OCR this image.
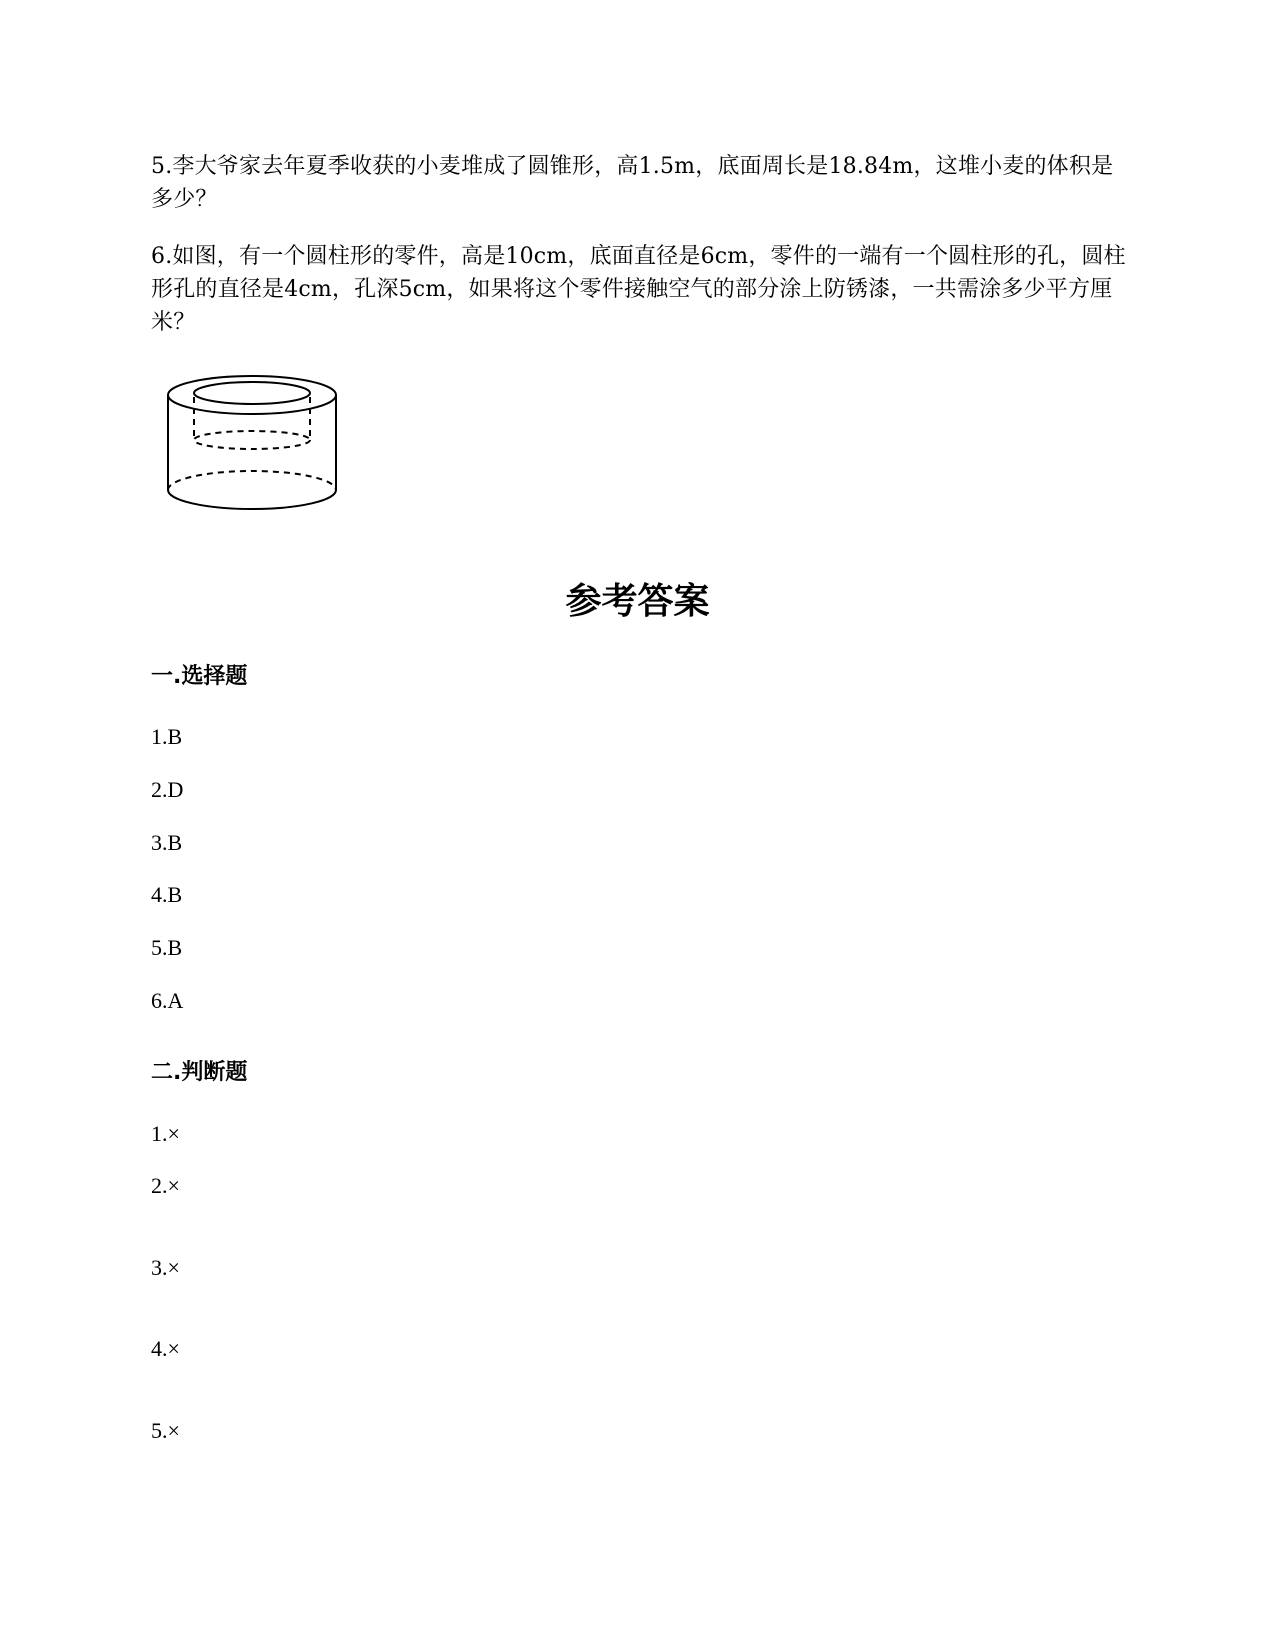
5.李大爷家去年夏季收获的小麦堆成了圆锥形，高1.5m，底面周长是18.84m，这堆小麦的体积是多少？
6.如图，有一个圆柱形的零件，高是10cm，底面直径是6cm，零件的一端有一个圆柱形的孔，圆柱形孔的直径是4cm，孔深5cm，如果将这个零件接触空气的部分涂上防锈漆，一共需涂多少平方厘米？
参考答案
一.选择题
1.B
2.D
3.B
4.B
5.B
6.A
二.判断题
1.×
2.×
3.×
4.×
5.×
